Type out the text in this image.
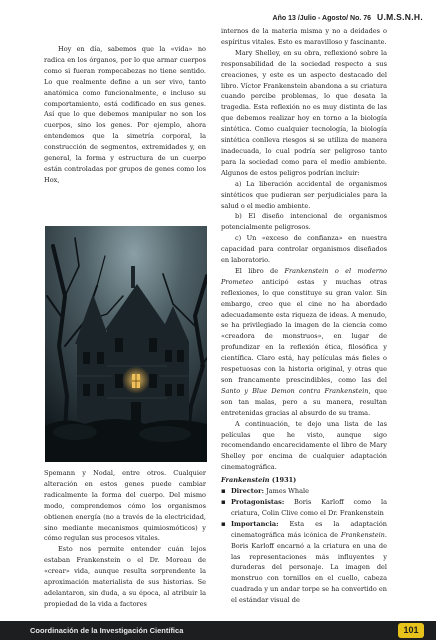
Año 13 /Julio - Agosto/ No. 76 U.M.S.N.H.

Hoy en día, sabemos que la «vida» no radica en los órganos, por lo que armar cuerpos como si fueran rompecabezas no tiene sentido. Lo que realmente define a un ser vivo, tanto anatómica como funcionalmente, e incluso su comportamiento, está codificado en sus genes. Así que lo que debemos manipular no son los cuerpos, sino los genes. Por ejemplo, ahora entendemos que la simetría corporal, la construcción de segmentos, extremidades y, en general, la forma y estructura de un cuerpo están controladas por grupos de genes como los Hox,

Spemann y Nodal, entre otros. Cualquier alteración en estos genes puede cambiar radicalmente la forma del cuerpo. Del mismo modo, comprendemos cómo los organismos obtienen energía (no a través de la electricidad, sino mediante mecanismos quimiosmóticos) y cómo regulan sus procesos vitales.

Esto nos permite entender cuán lejos estaban Frankenstein o el Dr. Moreau de «crear» vida, aunque resulta sorprendente la aproximación materialista de sus historias. Se adelantaron, sin duda, a su época, al atribuir la propiedad de la vida a factores

internos de la materia misma y no a deidades o espíritus vitales. Esto es maravilloso y fascinante.

Mary Shelley, en su obra, reflexionó sobre la responsabilidad de la sociedad respecto a sus creaciones, y este es un aspecto destacado del libro. Víctor Frankenstein abandona a su criatura cuando percibe problemas, lo que desata la tragedia. Esta reflexión no es muy distinta de las que debemos realizar hoy en torno a la biología sintética. Como cualquier tecnología, la biología sintética conlleva riesgos si se utiliza de manera inadecuada, lo cual podría ser peligroso tanto para la sociedad como para el medio ambiente. Algunos de estos peligros podrían incluir:

a) La liberación accidental de organismos sintéticos que pudieran ser perjudiciales para la salud o el medio ambiente.

b) El diseño intencional de organismos potencialmente peligrosos.

c) Un «exceso de confianza» en nuestra capacidad para controlar organismos diseñados en laboratorio.

El libro de Frankenstein o el moderno Prometeo anticipó estas y muchas otras reflexiones, lo que constituye su gran valor. Sin embargo, creo que el cine no ha abordado adecuadamente esta riqueza de ideas. A menudo, se ha privilegiado la imagen de la ciencia como «creadora de monstruos», en lugar de profundizar en la reflexión ética, filosófica y científica. Claro está, hay películas más fieles o respetuosas con la historia original, y otras que son francamente prescindibles, como las del Santo y Blue Demon contra Frankenstein, que son tan malas, pero a su manera, resultan entretenidas gracias al absurdo de su trama.

A continuación, te dejo una lista de las películas que he visto, aunque sigo recomendando encarecidamente el libro de Mary Shelley por encima de cualquier adaptación cinematográfica.

Frankenstein (1931)

▪ Director: James Whale
▪ Protagonistas: Boris Karloff como la criatura, Colin Clive como el Dr. Frankenstein
▪ Importancia: Esta es la adaptación cinematográfica más icónica de Frankenstein. Boris Karloff encarnó a la criatura en una de las representaciones más influyentes y duraderas del personaje. La imagen del monstruo con tornillos en el cuello, cabeza cuadrada y un andar torpe se ha convertido en el estándar visual de
Coordinación de la Investigación Científica	101
